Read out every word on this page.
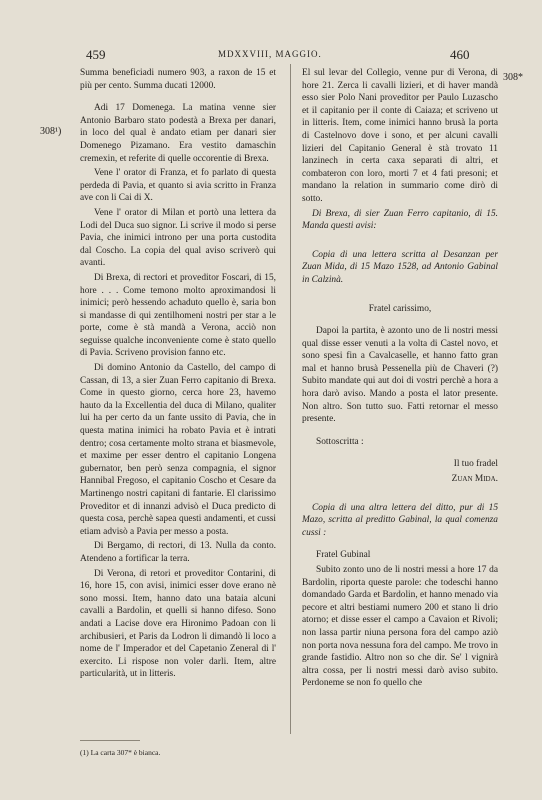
459	MDXXVIII, MAGGIO.	460
308¹)
308*

Summa beneficiadi numero 903, a raxon de 15 et più per cento. Summa ducati 12000.

Adi 17 Domenega. La matina venne sier Antonio Barbaro stato podestà a Brexa per danari, in loco del qual è andato etiam per danari sier Domenego Pizamano. Era vestito damaschin cremexin, et referite di quelle occorentie di Brexa.

Vene l' orator di Franza, et fo parlato di questa perdeda di Pavia, et quanto si avia scritto in Franza ave con li Cai di X.

Vene l' orator di Milan et portò una lettera da Lodi del Duca suo signor. Li scrive il modo si perse Pavia, che inimici introno per una porta custodita dal Coscho. La copia del qual aviso scriverò qui avanti.

Di Brexa, di rectori et proveditor Foscari, di 15, hore . . . Come temono molto aproximandosi li inimici; però hessendo achaduto quello è, saria bon si mandasse di qui zentilhomeni nostri per star a le porte, come è stà mandà a Verona, acciò non seguisse qualche inconveniente come è stato quello di Pavia. Scriveno provision fanno etc.

Di domino Antonio da Castello, del campo di Cassan, di 13, a sier Zuan Ferro capitanio di Brexa. Come in questo giorno, cerca hore 23, havemo hauto da la Excellentia del duca di Milano, qualiter lui ha per certo da un fante ussito di Pavia, che in questa matina inimici ha robato Pavia et è intrati dentro; cosa certamente molto strana et biasmevole, et maxime per esser dentro el capitanio Longena gubernator, ben però senza compagnia, el signor Hannibal Fregoso, el capitanio Coscho et Cesare da Martinengo nostri capitani di fantarie. El clarissimo Proveditor et di innanzi advisò el Duca predicto di questa cosa, perchè sapea questi andamenti, et cussi etiam advisò a Pavia per messo a posta.

Di Bergamo, di rectori, di 13. Nulla da conto. Atendeno a fortificar la terra.

Di Verona, di retori et proveditor Contarini, di 16, hore 15, con avisi, inimici esser dove erano nè sono mossi. Item, hanno dato una bataia alcuni cavalli a Bardolin, et quelli si hanno difeso. Sono andati a Lacise dove era Hironimo Padoan con li archibusieri, et Paris da Lodron li dimandò li loco a nome de l' Imperador et del Capetanio Zeneral di l' exercito. Li rispose non voler darli. Item, altre particularità, ut in litteris.

El sul levar del Collegio, venne pur di Verona, di hore 21. Zerca li cavalli lizieri, et di haver mandà esso sier Polo Nani proveditor per Paulo Luzascho et il capitanio per il conte di Caiaza; et scriveno ut in litteris. Item, come inimici hanno brusà la porta di Castelnovo dove i sono, et per alcuni cavalli lizieri del Capitanio General è stà trovato 11 lanzinech in certa caxa separati di altri, et combateron con loro, morti 7 et 4 fati presoni; et mandano la relation in summario come dirò di sotto.

Di Brexa, di sier Zuan Ferro capitanio, di 15. Manda questi avisi:

Copia di una lettera scritta al Desanzan per Zuan Mida, di 15 Mazo 1528, ad Antonio Gabinal in Calzinà.

Fratel carissimo,

Dapoi la partita, è azonto uno de li nostri messi qual disse esser venuti a la volta di Castel novo, et sono spesi fin a Cavalcaselle, et hanno fatto gran mal et hanno brusà Pessenella più de Chaveri (?) Subito mandate qui aut doi di vostri perchè a hora a hora darò aviso. Mando a posta el lator presente. Non altro. Son tutto suo. Fatti retornar el messo presente.

Sottoscritta :

Il tuo fradel

Zuan Mida.

Copia di una altra lettera del ditto, pur di 15 Mazo, scritta al preditto Gabinal, la qual comenza cussi :

Fratel Gubinal

Subito zonto uno de li nostri messi a hore 17 da Bardolin, riporta queste parole: che todeschi hanno domandado Garda et Bardolin, et hanno menado via pecore et altri bestiami numero 200 et stano li drio atorno; et disse esser el campo a Cavaion et Rivoli; non lassa partir niuna persona fora del campo aziò non porta nova nessuna fora del campo. Me trovo in grande fastidio. Altro non so che dir. Se' l vignirà altra cossa, per li nostri messi darò aviso subito. Perdoneme se non fo quello che

(1) La carta 307* è bianca.
